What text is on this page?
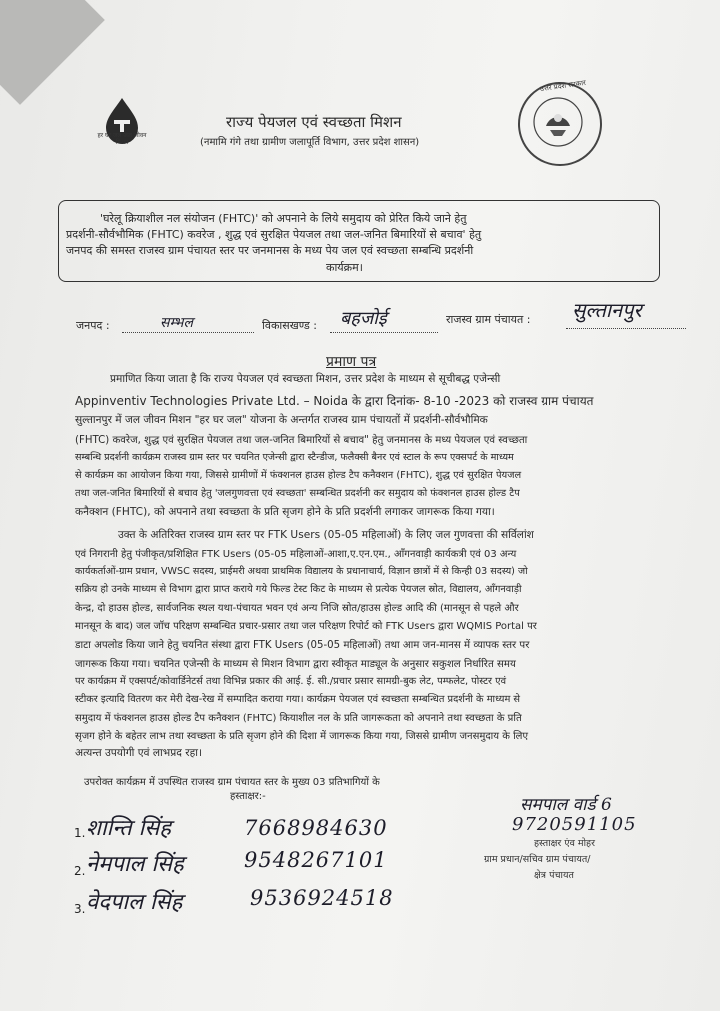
हर घर जल जल जीवन मिशन
उत्तर प्रदेश सरकार
राज्य पेयजल एवं स्वच्छता मिशन
(नमामि गंगे तथा ग्रामीण जलापूर्ति विभाग, उत्तर प्रदेश शासन)
'घरेलू क्रियाशील नल संयोजन (FHTC)' को अपनाने के लिये समुदाय को प्रेरित किये जाने हेतु
प्रदर्शनी-सौर्वभौमिक (FHTC) कवरेज , शुद्ध एवं सुरक्षित पेयजल तथा जल-जनित बिमारियों से बचाव' हेतु
जनपद की समस्त राजस्व ग्राम पंचायत स्तर पर जनमानस के मध्य पेय जल एवं स्वच्छता सम्बन्धि प्रदर्शनी
कार्यक्रम।
जनपद :	सम्भल	विकासखण्ड : बहजोई	राजस्व ग्राम पंचायत : सुल्तानपुर
प्रमाण पत्र
प्रमाणित किया जाता है कि राज्य पेयजल एवं स्वच्छता मिशन, उत्तर प्रदेश के माध्यम से सूचीबद्ध एजेन्सी
Appinventiv Technologies Private Ltd. – Noida के द्वारा दिनांक- 8-10 -2023 को राजस्व ग्राम पंचायत
सुल्तानपुर में जल जीवन मिशन "हर घर जल" योजना के अन्तर्गत राजस्व ग्राम पंचायतों में प्रदर्शनी-सौर्वभौमिक
(FHTC) कवरेज, शुद्ध एवं सुरक्षित पेयजल तथा जल-जनित बिमारियों से बचाव" हेतु जनमानस के मध्य पेयजल एवं स्वच्छता
सम्बन्धि प्रदर्शनी कार्यक्रम राजस्व ग्राम स्तर पर चयनित एजेन्सी द्वारा स्टैन्डीज, फलैक्सी बैनर एवं स्टाल के रूप एक्सपर्ट के माध्यम
से कार्यक्रम का आयोजन किया गया, जिससे ग्रामीणों में फंक्शनल हाउस होल्ड टैप कनैक्शन (FHTC), शुद्ध एवं सुरक्षित पेयजल
तथा जल-जनित बिमारियों से बचाव हेतु 'जलगुणवत्ता एवं स्वच्छता' सम्बन्धित प्रदर्शनी कर समुदाय को फंक्शनल हाउस होल्ड टैप
कनैक्शन (FHTC), को अपनाने तथा स्वच्छता के प्रति सृजग होने के प्रति प्रदर्शनी लगाकर जागरूक किया गया।
उक्त के अतिरिक्त राजस्व ग्राम स्तर पर FTK Users (05-05 महिलाओं) के लिए जल गुणवत्ता की सर्विलांश
एवं निगरानी हेतु पंजीकृत/प्रशिक्षित FTK Users (05-05 महिलाओं-आशा,ए.एन.एम., ऑंगनवाड़ी कार्यकत्री एवं 03 अन्य
कार्यकर्ताओं-ग्राम प्रधान, VWSC सदस्य, प्राईमरी अथवा प्राथमिक विद्यालय के प्रधानाचार्य, विज्ञान छात्रों में से किन्ही 03 सदस्य) जो
सक्रिय हो उनके माध्यम से विभाग द्वारा प्राप्त कराये गये फिल्ड टेस्ट किट के माध्यम से प्रत्येक पेयजल स्रोत, विद्यालय, ऑंगनवाड़ी
केन्द्र, दो हाउस होल्ड, सार्वजनिक स्थल यथा-पंचायत भवन एवं अन्य निजि स्रोत/हाउस होल्ड आदि की (मानसून से पहले और
मानसून के बाद) जल जॉच परिक्षण सम्बन्धित प्रचार-प्रसार तथा जल परिक्षण रिपोर्ट को FTK Users द्वारा WQMIS Portal पर
डाटा अपलोड किया जाने हेतु चयनित संस्था द्वारा FTK Users (05-05 महिलाओं) तथा आम जन-मानस में व्यापक स्तर पर
जागरूक किया गया। चयनित एजेन्सी के माध्यम से मिशन विभाग द्वारा स्वीकृत माड्यूल के अनुसार सकुशल निर्धारित समय
पर कार्यक्रम में एक्सपर्ट/कोवार्डिनेटर्स तथा विभिन्न प्रकार की आई. ई. सी./प्रचार प्रसार सामग्री-बुक लेट, पम्फलेट, पोस्टर एवं
स्टीकर इत्यादि वितरण कर मेरी देख-रेख में सम्पादित कराया गया। कार्यक्रम पेयजल एवं स्वच्छता सम्बन्धित प्रदर्शनी के माध्यम से
समुदाय में फंक्शनल हाउस होल्ड टैप कनैक्शन (FHTC) कियाशील नल के प्रति जागरूकता को अपनाने तथा स्वच्छता के प्रति
सृजग होने के बहेतर लाभ तथा स्वच्छता के प्रति सृजग होने की दिशा में जागरूक किया गया, जिससे ग्रामीण जनसमुदाय के लिए
अत्यन्त उपयोगी एवं लाभप्रद रहा।
उपरोक्त कार्यक्रम में उपस्थित राजस्व ग्राम पंचायत स्तर के मुख्य 03 प्रतिभागियों के
हस्ताक्षर:-
1. शान्ति सिंह	7668984630
2. नेमपाल सिंह	9548267101
3. वेदपाल सिंह	9536924518
समपाल वार्ड 6
9720591105
हस्ताक्षर एंव मोहर
ग्राम प्रधान/सचिव ग्राम पंचायत/
क्षेत्र पंचायत
